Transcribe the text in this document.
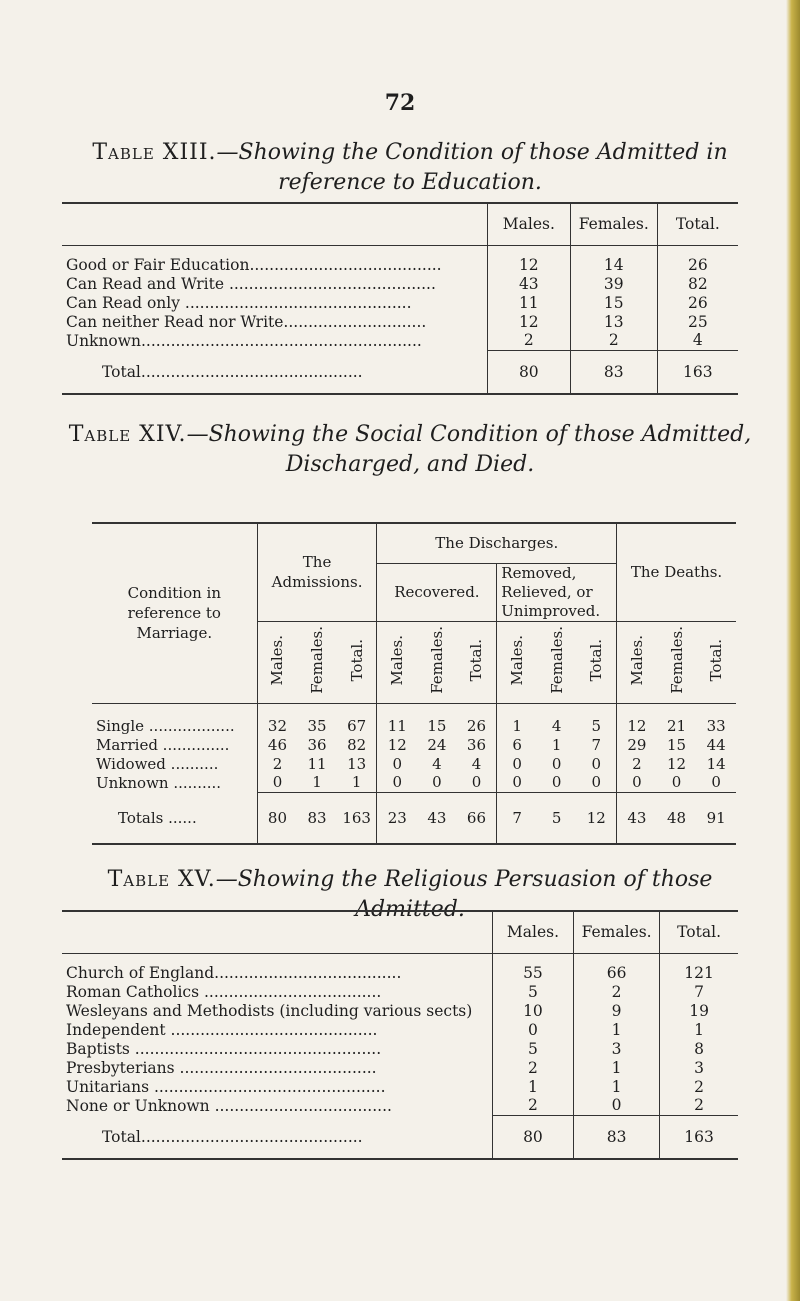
72
Table XIII.—Showing the Condition of those Admitted in reference to Education.
	Males.	Females.	Total.
Good or Fair Education.......................................	12	14	26
Can Read and Write ..........................................	43	39	82
Can Read only ..............................................	11	15	26
Can neither Read nor Write.............................	12	13	25
Unknown.........................................................	2	2	4
Total.............................................	80	83	163
Table XIV.—Showing the Social Condition of those Admitted, Discharged, and Died.
Condition in reference to Marriage.	The Admissions.			The Discharges.						The Deaths.		
				Recovered.			Removed, Relieved, or Unimproved.					
	Males.	Females.	Total.	Males.	Females.	Total.	Males.	Females.	Total.	Males.	Females.	Total.
Single ..................	32	35	67	11	15	26	1	4	5	12	21	33
Married ..............	46	36	82	12	24	36	6	1	7	29	15	44
Widowed ..........	2	11	13	0	4	4	0	0	0	2	12	14
Unknown ..........	0	1	1	0	0	0	0	0	0	0	0	0
Totals ......	80	83	163	23	43	66	7	5	12	43	48	91
Table XV.—Showing the Religious Persuasion of those Admitted.
	Males.	Females.	Total.
Church of England......................................	55	66	121
Roman Catholics ....................................	5	2	7
Wesleyans and Methodists (including various sects)	10	9	19
Independent ..........................................	0	1	1
Baptists ..................................................	5	3	8
Presbyterians ........................................	2	1	3
Unitarians ...............................................	1	1	2
None or Unknown ....................................	2	0	2
Total.............................................	80	83	163
